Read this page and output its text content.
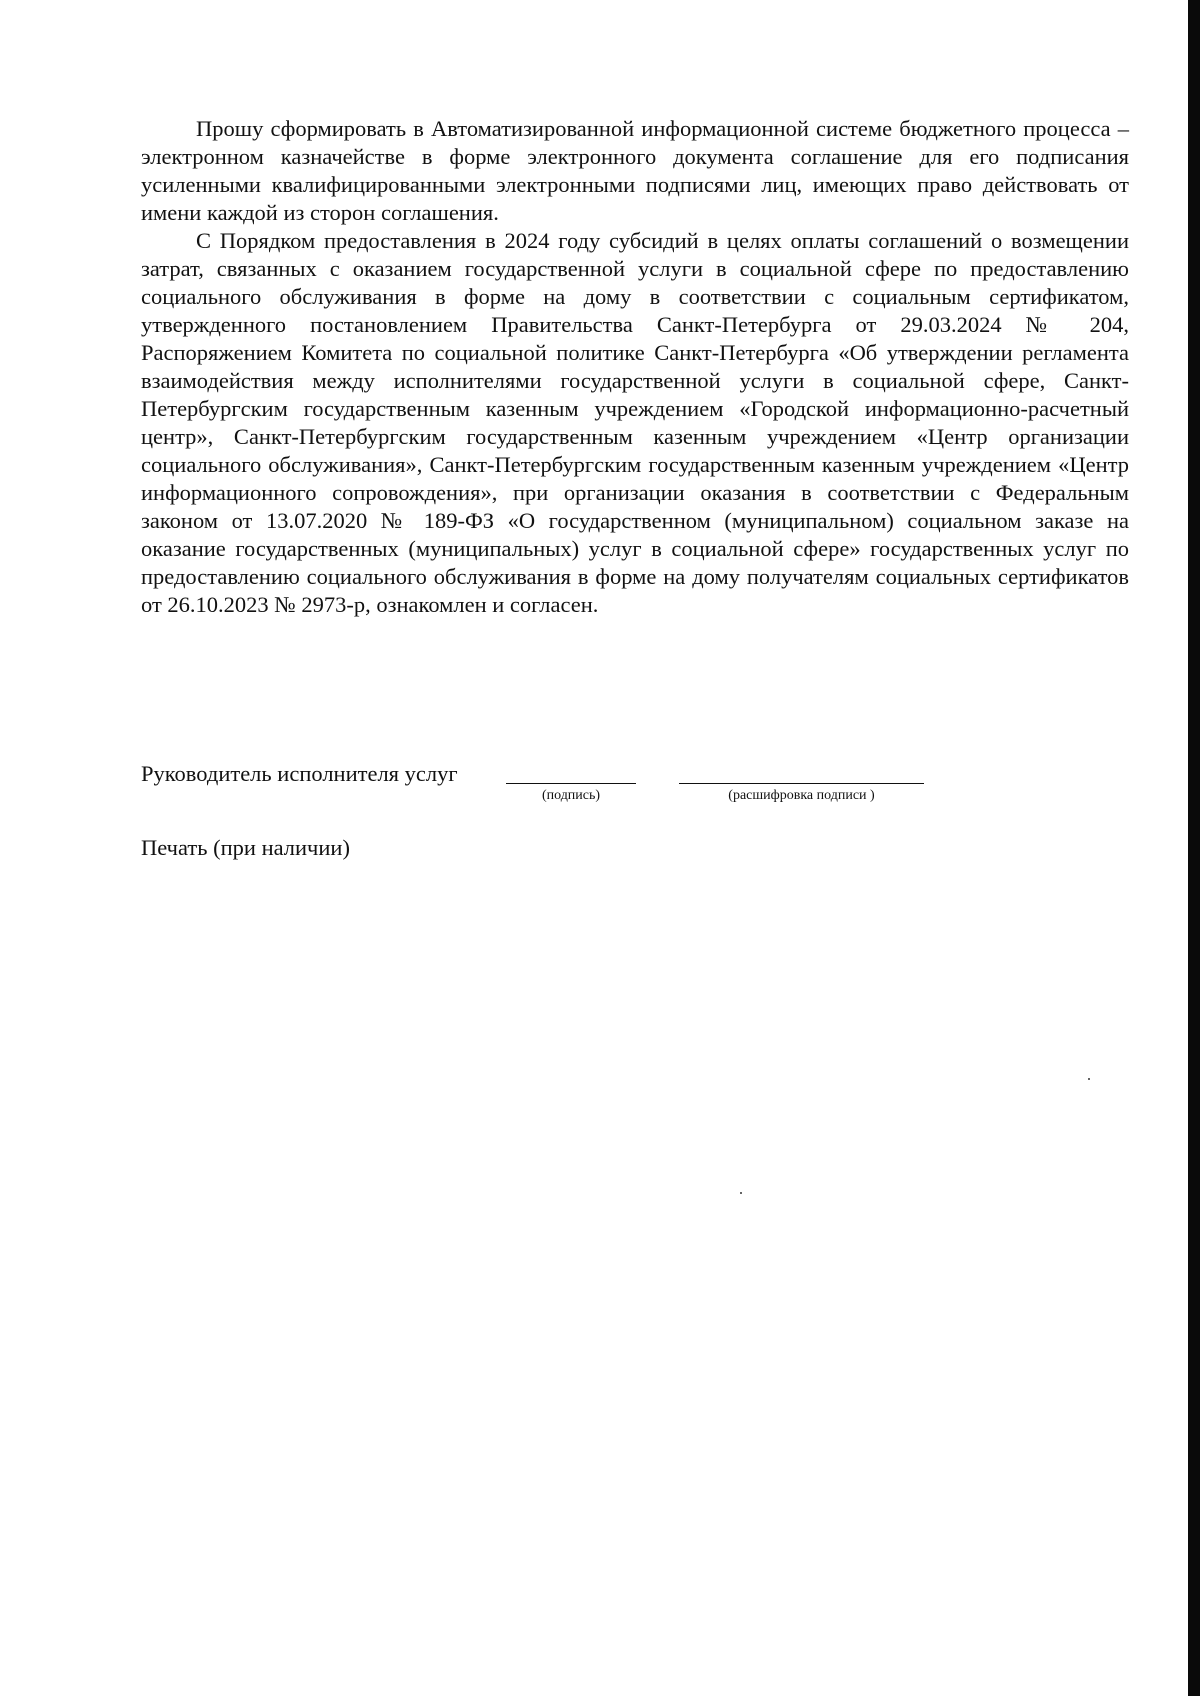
Прошу сформировать в Автоматизированной информационной системе бюджетного процесса – электронном казначействе в форме электронного документа соглашение для его подписания усиленными квалифицированными электронными подписями лиц, имеющих право действовать от имени каждой из сторон соглашения.

С Порядком предоставления в 2024 году субсидий в целях оплаты соглашений о возмещении затрат, связанных с оказанием государственной услуги в социальной сфере по предоставлению социального обслуживания в форме на дому в соответствии с социальным сертификатом, утвержденного постановлением Правительства Санкт-Петербурга от 29.03.2024 № 204, Распоряжением Комитета по социальной политике Санкт-Петербурга «Об утверждении регламента взаимодействия между исполнителями государственной услуги в социальной сфере, Санкт-Петербургским государственным казенным учреждением «Городской информационно-расчетный центр», Санкт-Петербургским государственным казенным учреждением «Центр организации социального обслуживания», Санкт-Петербургским государственным казенным учреждением «Центр информационного сопровождения», при организации оказания в соответствии с Федеральным законом от 13.07.2020 № 189-ФЗ «О государственном (муниципальном) социальном заказе на оказание государственных (муниципальных) услуг в социальной сфере» государственных услуг по предоставлению социального обслуживания в форме на дому получателям социальных сертификатов от 26.10.2023 № 2973-р, ознакомлен и согласен.

Руководитель исполнителя услуг
(подпись)	(расшифровка подписи )
Печать (при наличии)
